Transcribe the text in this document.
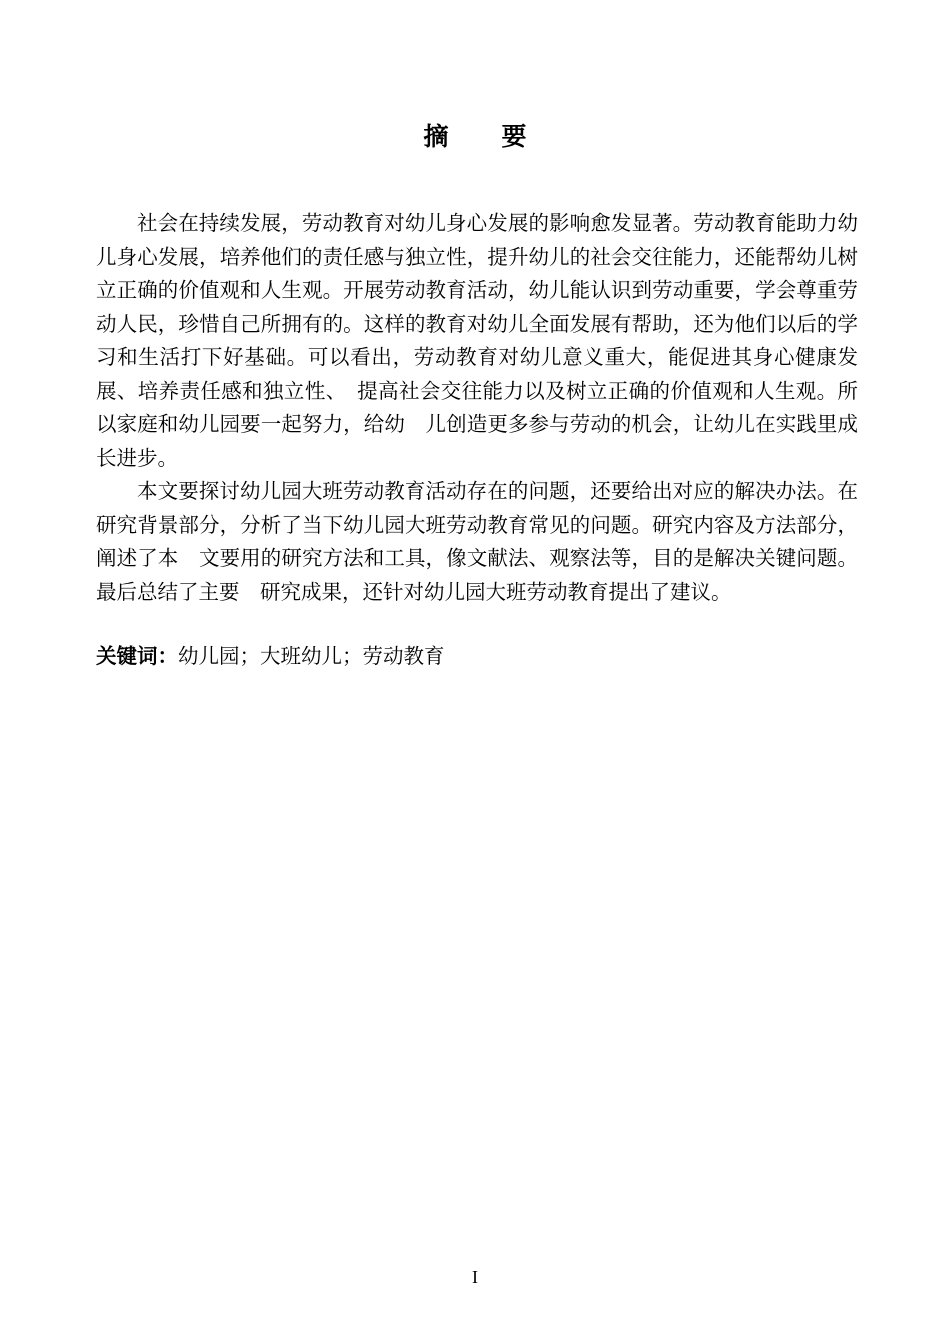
摘　要

社会在持续发展，劳动教育对幼儿身心发展的影响愈发显著。劳动教育能助力幼儿身心发展，培养他们的责任感与独立性，提升幼儿的社会交往能力，还能帮幼儿树立正确的价值观和人生观。开展劳动教育活动，幼儿能认识到劳动重要，学会尊重劳动人民，珍惜自己所拥有的。这样的教育对幼儿全面发展有帮助，还为他们以后的学习和生活打下好基础。可以看出，劳动教育对幼儿意义重大，能促进其身心健康发展、培养责任感和独立性、　提高社会交往能力以及树立正确的价值观和人生观。所以家庭和幼儿园要一起努力，给幼　儿创造更多参与劳动的机会，让幼儿在实践里成长进步。

本文要探讨幼儿园大班劳动教育活动存在的问题，还要给出对应的解决办法。在研究背景部分，分析了当下幼儿园大班劳动教育常见的问题。研究内容及方法部分，阐述了本　文要用的研究方法和工具，像文献法、观察法等，目的是解决关键问题。最后总结了主要　研究成果，还针对幼儿园大班劳动教育提出了建议。

关键词：幼儿园；大班幼儿；劳动教育
I
